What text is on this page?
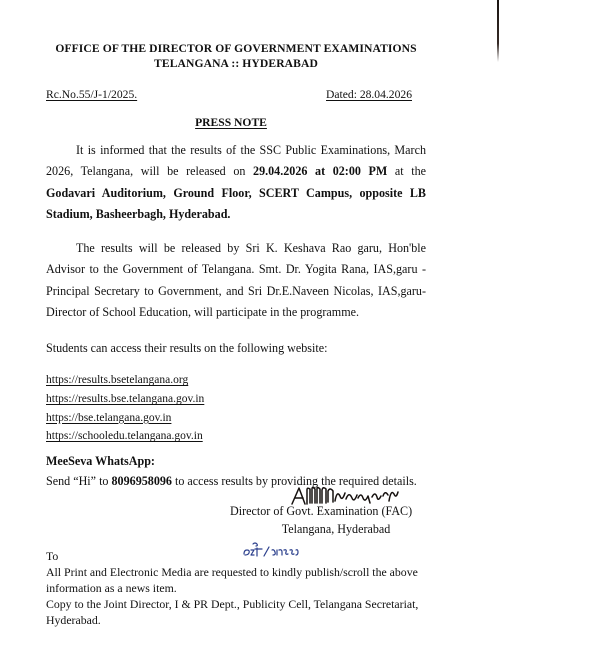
OFFICE OF THE DIRECTOR OF GOVERNMENT EXAMINATIONS
TELANGANA :: HYDERABAD
Rc.No.55/J-1/2025.	Dated: 28.04.2026
PRESS NOTE

It is informed that the results of the SSC Public Examinations, March 2026, Telangana, will be released on 29.04.2026 at 02:00 PM at the Godavari Auditorium, Ground Floor, SCERT Campus, opposite LB Stadium, Basheerbagh, Hyderabad.

The results will be released by Sri K. Keshava Rao garu, Hon'ble Advisor to the Government of Telangana. Smt. Dr. Yogita Rana, IAS,garu -Principal Secretary to Government, and Sri Dr.E.Naveen Nicolas, IAS,garu- Director of School Education, will participate in the programme.

Students can access their results on the following website:

https://results.bsetelangana.org
https://results.bse.telangana.gov.in
https://bse.telangana.gov.in
https://schooledu.telangana.gov.in
MeeSeva WhatsApp:
Send “Hi” to 8096958096 to access results by providing the required details.
Director of Govt. Examination (FAC)
Telangana, Hyderabad
To
All Print and Electronic Media are requested to kindly publish/scroll the above information as a news item.
Copy to the Joint Director, I & PR Dept., Publicity Cell, Telangana Secretariat, Hyderabad.
